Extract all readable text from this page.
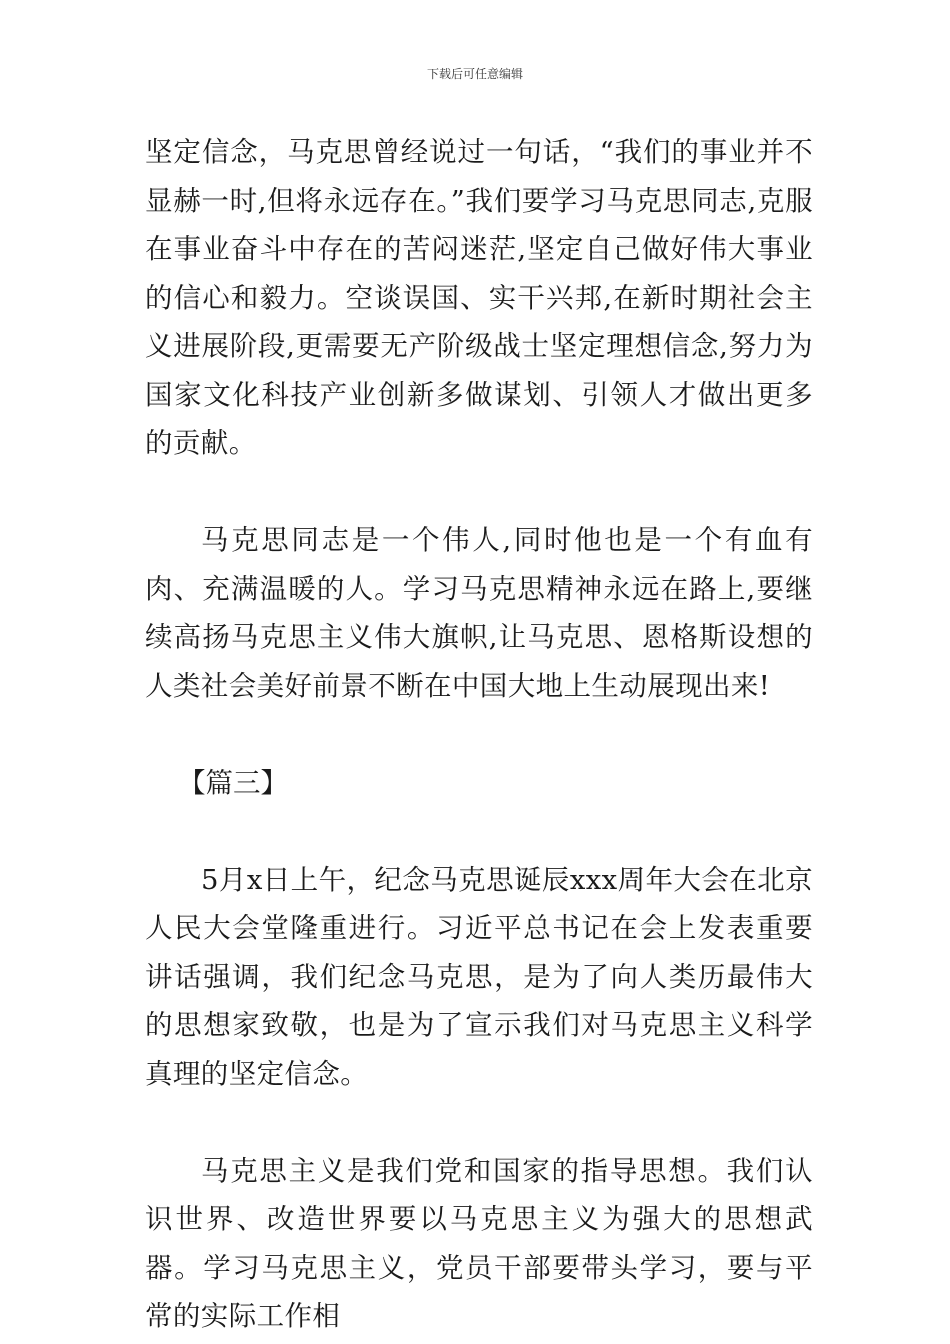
下载后可任意编辑

坚定信念，马克思曾经说过一句话，“我们的事业并不显赫一时,但将永远存在。”我们要学习马克思同志,克服在事业奋斗中存在的苦闷迷茫,坚定自己做好伟大事业的信心和毅力。空谈误国、实干兴邦,在新时期社会主义进展阶段,更需要无产阶级战士坚定理想信念,努力为国家文化科技产业创新多做谋划、引领人才做出更多的贡献。

马克思同志是一个伟人,同时他也是一个有血有肉、充满温暖的人。学习马克思精神永远在路上,要继续高扬马克思主义伟大旗帜,让马克思、恩格斯设想的人类社会美好前景不断在中国大地上生动展现出来!

【篇三】

5月x日上午，纪念马克思诞辰xxx周年大会在北京人民大会堂隆重进行。习近平总书记在会上发表重要讲话强调，我们纪念马克思，是为了向人类历最伟大的思想家致敬，也是为了宣示我们对马克思主义科学真理的坚定信念。

马克思主义是我们党和国家的指导思想。我们认识世界、改造世界要以马克思主义为强大的思想武器。学习马克思主义，党员干部要带头学习，要与平常的实际工作相
